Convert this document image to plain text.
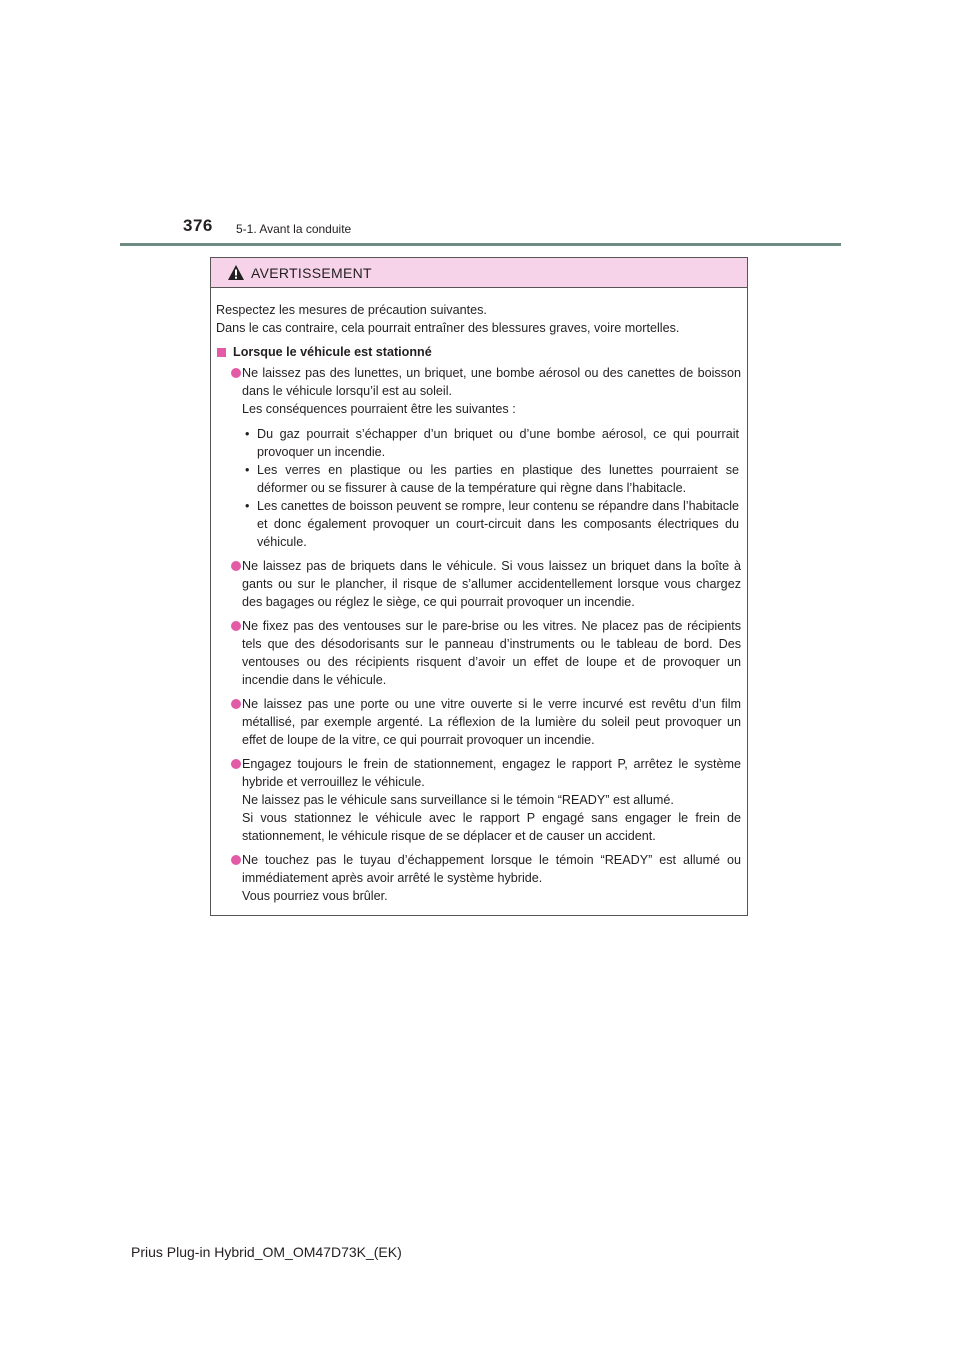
376 5-1. Avant la conduite
AVERTISSEMENT

Respectez les mesures de précaution suivantes.

Dans le cas contraire, cela pourrait entraîner des blessures graves, voire mortelles.

Lorsque le véhicule est stationné

Ne laissez pas des lunettes, un briquet, une bombe aérosol ou des canettes de boisson dans le véhicule lorsqu’il est au soleil.

Les conséquences pourraient être les suivantes :

• Du gaz pourrait s’échapper d’un briquet ou d’une bombe aérosol, ce qui pourrait provoquer un incendie.
• Les verres en plastique ou les parties en plastique des lunettes pourraient se déformer ou se fissurer à cause de la température qui règne dans l’habitacle.
• Les canettes de boisson peuvent se rompre, leur contenu se répandre dans l’habitacle et donc également provoquer un court-circuit dans les composants électriques du véhicule.

Ne laissez pas de briquets dans le véhicule. Si vous laissez un briquet dans la boîte à gants ou sur le plancher, il risque de s’allumer accidentellement lorsque vous chargez des bagages ou réglez le siège, ce qui pourrait provoquer un incendie.

Ne fixez pas des ventouses sur le pare-brise ou les vitres. Ne placez pas de récipients tels que des désodorisants sur le panneau d’instruments ou le tableau de bord. Des ventouses ou des récipients risquent d’avoir un effet de loupe et de provoquer un incendie dans le véhicule.

Ne laissez pas une porte ou une vitre ouverte si le verre incurvé est revêtu d’un film métallisé, par exemple argenté. La réflexion de la lumière du soleil peut provoquer un effet de loupe de la vitre, ce qui pourrait provoquer un incendie.

Engagez toujours le frein de stationnement, engagez le rapport P, arrêtez le système hybride et verrouillez le véhicule.

Ne laissez pas le véhicule sans surveillance si le témoin “READY” est allumé.

Si vous stationnez le véhicule avec le rapport P engagé sans engager le frein de stationnement, le véhicule risque de se déplacer et de causer un accident.

Ne touchez pas le tuyau d’échappement lorsque le témoin “READY” est allumé ou immédiatement après avoir arrêté le système hybride.

Vous pourriez vous brûler.

Prius Plug-in Hybrid_OM_OM47D73K_(EK)
